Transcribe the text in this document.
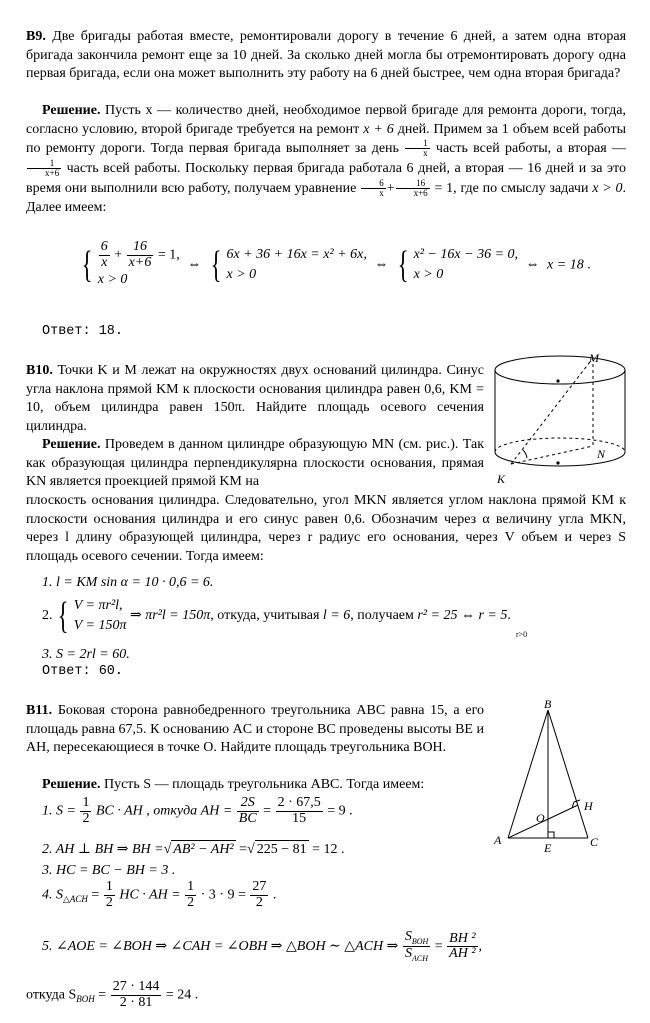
B9. Две бригады работая вместе, ремонтировали дорогу в течение 6 дней, а затем одна вторая бригада закончила ремонт еще за 10 дней. За сколько дней могла бы отремонтировать дорогу одна первая бригада, если она может выполнить эту работу на 6 дней быстрее, чем одна вторая бригада?

Решение. Пусть x — количество дней, необходимое первой бригаде для ремонта дороги, тогда, согласно условию, второй бригаде требуется на ремонт x + 6 дней. Примем за 1 объем всей работы по ремонту дороги. Тогда первая бригада выполняет за день $\frac{1}{x}$ часть всей работы, а вторая —
$\frac{1}{x+6}$ часть всей работы. Поскольку первая бригада работала 6 дней, а вторая — 16 дней и за это время они выполнили всю работу, получаем уравнение $\frac{6}{x} + \frac{16}{x+6} = 1$, где по смыслу задачи x > 0. Далее имеем:

{ $\frac{6}{x} + \frac{16}{x+6} = 1$,
x > 0
⇔ { 6x + 36 + 16x = x² + 6x,
x > 0
⇔ { x² − 16x − 36 = 0,
x > 0
⇔ x = 18 .
Ответ: 18.

B10. Точки K и M лежат на окружностях двух оснований цилиндра. Синус угла наклона прямой KM к плоскости основания цилиндра равен 0,6, KM = 10, объем цилиндра равен 150π. Найдите площадь осевого сечения цилиндра.

Решение. Проведем в данном цилиндре образующую MN (см. рис.). Так как образующая цилиндра перпендикулярна плоскости основания, прямая KN является проекцией прямой KM на

плоскость основания цилиндра. Следовательно, угол MKN является углом наклона прямой KM к плоскости основания цилиндра и его синус равен 0,6. Обозначим через α величину угла MKN, через l длину образующей цилиндра, через r радиус его основания, через V объем и через S площадь осевого сечении. Тогда имеем:

M
N
K
1. l = KM sin α = 10 · 0,6 = 6.
2. { V = πr²l,
V = 150π
⇒ πr²l = 150π, откуда, учитывая l = 6, получаем r² = 25 ⇔ r = 5.
r>0
3. S = 2rl = 60.
Ответ: 60.

B11. Боковая сторона равнобедренного треугольника ABC равна 15, а его площадь равна 67,5. К основанию AC и стороне BC проведены высоты BE и AH, пересекающиеся в точке O. Найдите площадь треугольника BOH.

Решение. Пусть S — площадь треугольника ABC. Тогда имеем:

B
A	C
E
H
O
1. $S = \frac{1}{2}$ BC · AH , откуда AH = $\frac{2S}{BC} = \frac{2 \cdot 67,5}{15} = 9$ .
2. AH ⊥ BH ⇒ BH =√ AB² − AH² =√ 225 − 81 = 12 .
3. HC = BC − BH = 3 .
4. $S_{\triangle ACH} = \frac{1}{2}$ HC · AH = $\frac{1}{2} \cdot 3 \cdot 9 = \frac{27}{2}$ .
5. ∠AOE = ∠BOH ⇒ ∠CAH = ∠OBH ⇒ △BOH ∼ △ACH ⇒ $\frac{S_{BOH}}{S_{ACH}} = \frac{\text{BH ²}}{\text{AH ²}}$ ,
откуда $S_{BOH} = \frac{27 \cdot 144}{2 \cdot 81} = 24$ .
